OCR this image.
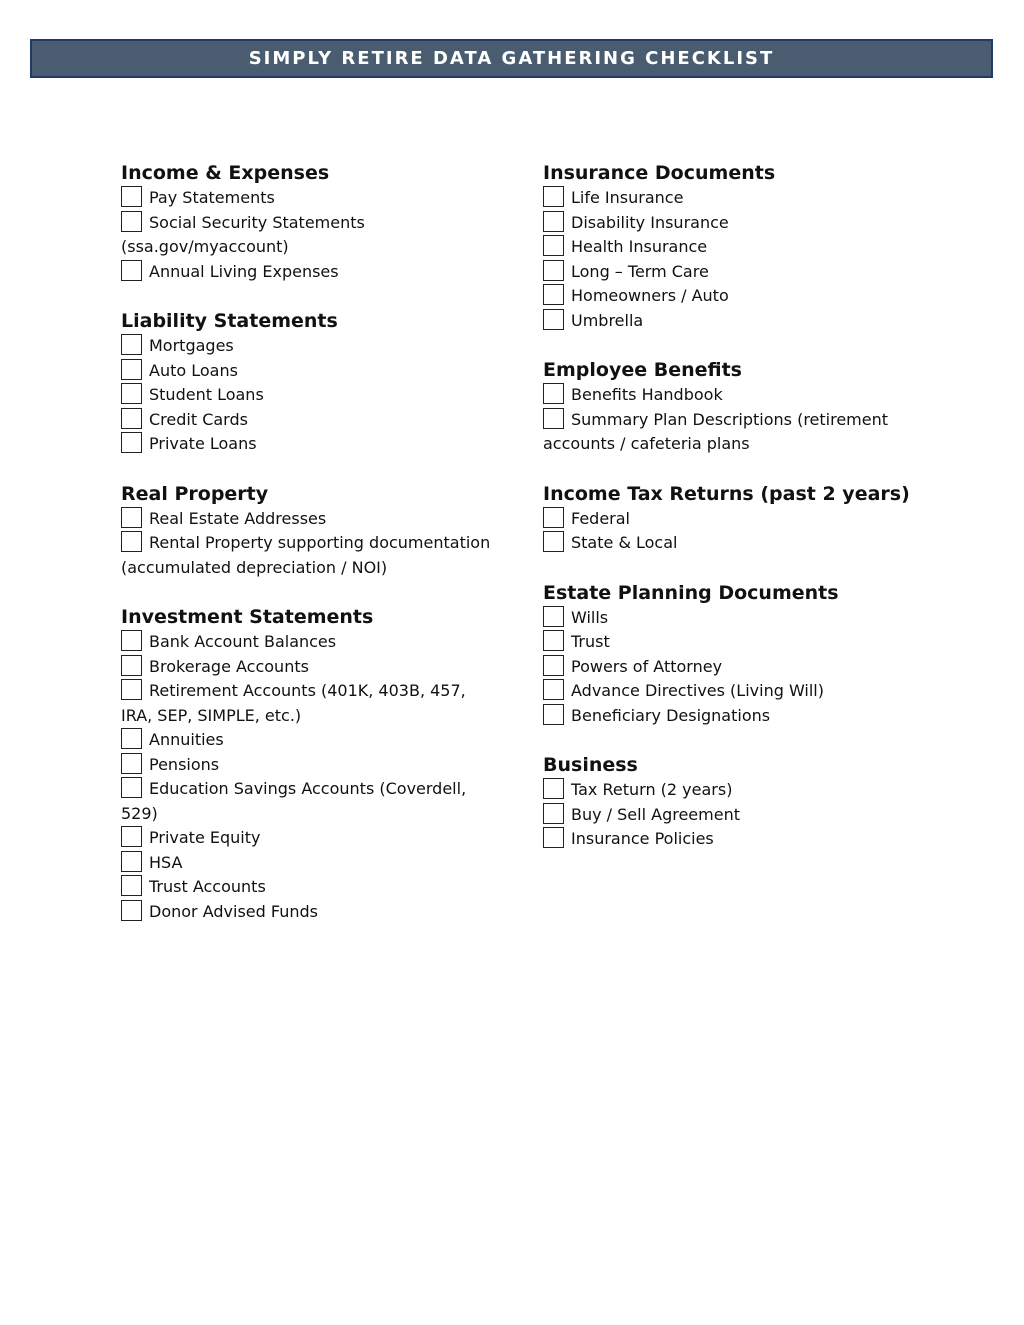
SIMPLY RETIRE DATA GATHERING CHECKLIST
Income & Expenses
Pay Statements
Social Security Statements (ssa.gov/myaccount)
Annual Living Expenses
Liability Statements
Mortgages
Auto Loans
Student Loans
Credit Cards
Private Loans
Real Property
Real Estate Addresses
Rental Property supporting documentation (accumulated depreciation / NOI)
Investment Statements
Bank Account Balances
Brokerage Accounts
Retirement Accounts (401K, 403B, 457, IRA, SEP, SIMPLE, etc.)
Annuities
Pensions
Education Savings Accounts (Coverdell, 529)
Private Equity
HSA
Trust Accounts
Donor Advised Funds
Insurance Documents
Life Insurance
Disability Insurance
Health Insurance
Long – Term Care
Homeowners / Auto
Umbrella
Employee Benefits
Benefits Handbook
Summary Plan Descriptions (retirement accounts / cafeteria plans
Income Tax Returns (past 2 years)
Federal
State & Local
Estate Planning Documents
Wills
Trust
Powers of Attorney
Advance Directives (Living Will)
Beneficiary Designations
Business
Tax Return (2 years)
Buy / Sell Agreement
Insurance Policies
